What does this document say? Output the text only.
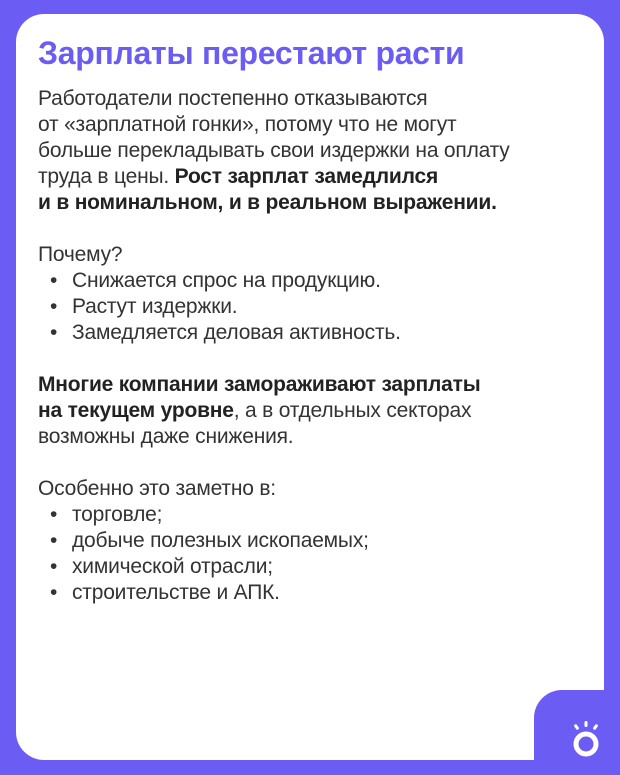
Зарплаты перестают расти

Работодатели постепенно отказываются
от «зарплатной гонки», потому что не могут
больше перекладывать свои издержки на оплату
труда в цены. Рост зарплат замедлился
и в номинальном, и в реальном выражении.

Почему?

• Снижается спрос на продукцию.
• Растут издержки.
• Замедляется деловая активность.

Многие компании замораживают зарплаты
на текущем уровне, а в отдельных секторах
возможны даже снижения.

Особенно это заметно в:

• торговле;
• добыче полезных ископаемых;
• химической отрасли;
• строительстве и АПК.
